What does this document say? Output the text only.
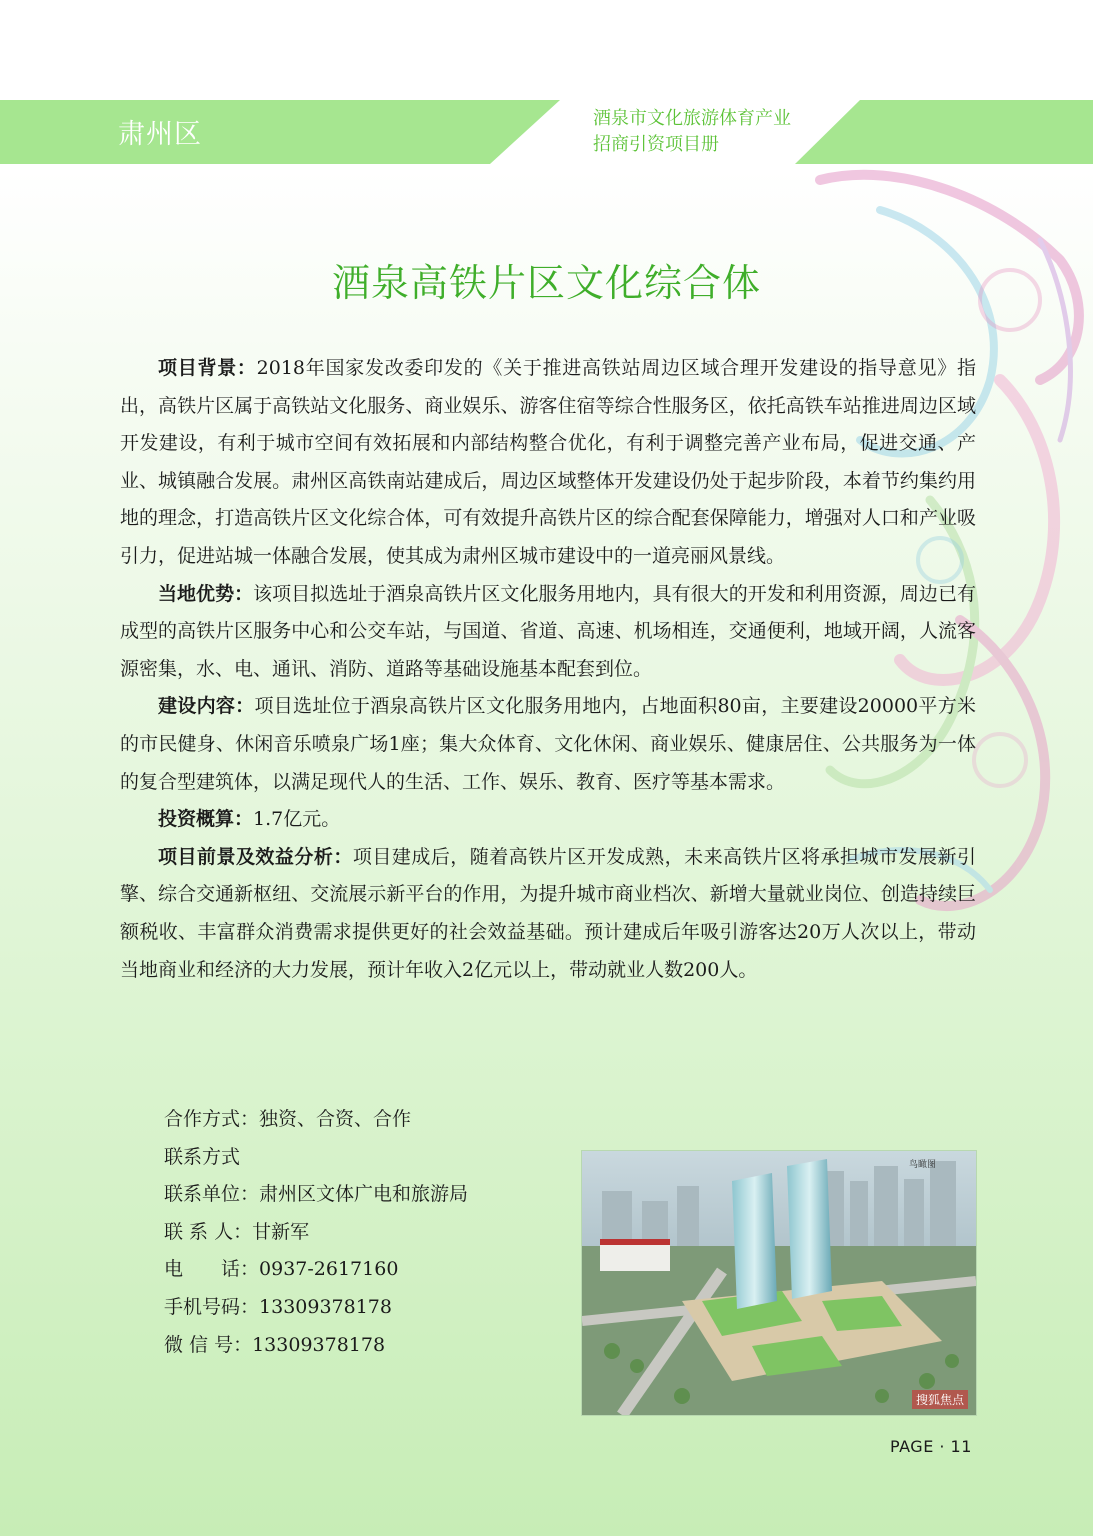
肃州区
酒泉市文化旅游体育产业
招商引资项目册
酒泉高铁片区文化综合体

项目背景：2018年国家发改委印发的《关于推进高铁站周边区域合理开发建设的指导意见》指出，高铁片区属于高铁站文化服务、商业娱乐、游客住宿等综合性服务区，依托高铁车站推进周边区域开发建设，有利于城市空间有效拓展和内部结构整合优化，有利于调整完善产业布局，促进交通、产业、城镇融合发展。肃州区高铁南站建成后，周边区域整体开发建设仍处于起步阶段，本着节约集约用地的理念，打造高铁片区文化综合体，可有效提升高铁片区的综合配套保障能力，增强对人口和产业吸引力，促进站城一体融合发展，使其成为肃州区城市建设中的一道亮丽风景线。

当地优势：该项目拟选址于酒泉高铁片区文化服务用地内，具有很大的开发和利用资源，周边已有成型的高铁片区服务中心和公交车站，与国道、省道、高速、机场相连，交通便利，地域开阔，人流客源密集，水、电、通讯、消防、道路等基础设施基本配套到位。

建设内容：项目选址位于酒泉高铁片区文化服务用地内，占地面积80亩，主要建设20000平方米的市民健身、休闲音乐喷泉广场1座；集大众体育、文化休闲、商业娱乐、健康居住、公共服务为一体的复合型建筑体，以满足现代人的生活、工作、娱乐、教育、医疗等基本需求。

投资概算：1.7亿元。

项目前景及效益分析：项目建成后，随着高铁片区开发成熟，未来高铁片区将承担城市发展新引擎、综合交通新枢纽、交流展示新平台的作用，为提升城市商业档次、新增大量就业岗位、创造持续巨额税收、丰富群众消费需求提供更好的社会效益基础。预计建成后年吸引游客达20万人次以上，带动当地商业和经济的大力发展，预计年收入2亿元以上，带动就业人数200人。

合作方式：独资、合资、合作
联系方式
联系单位：肃州区文体广电和旅游局
联 系 人：甘新军
电　　话：0937-2617160
手机号码：13309378178
微 信 号：13309378178
鸟瞰图
搜狐焦点
PAGE · 11
